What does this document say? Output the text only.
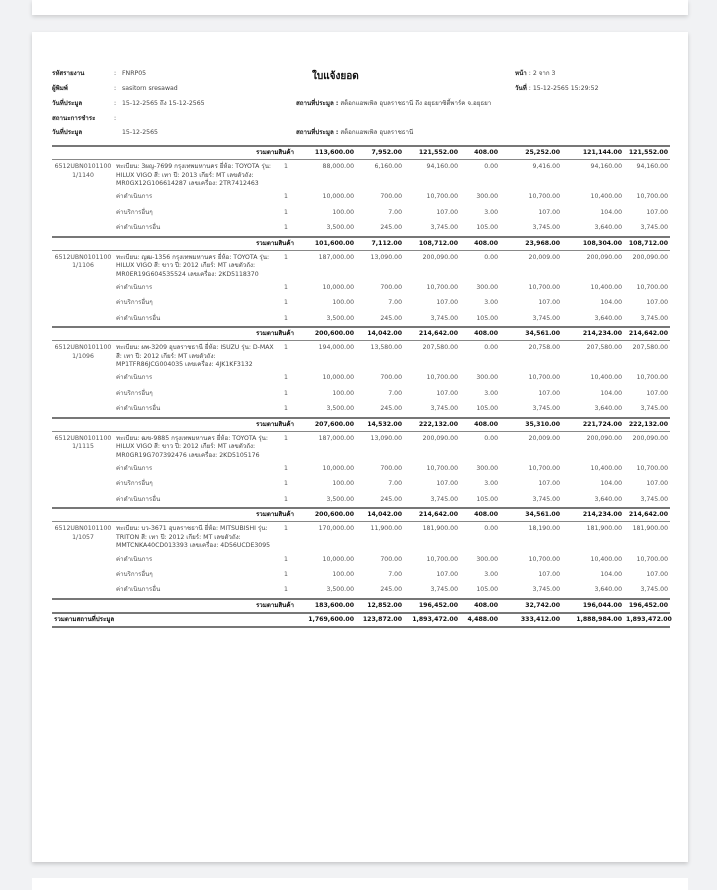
รหัสรายงาน	: FNRP05
ผู้พิมพ์	: sasitorn sresawad
วันที่ประมูล	: 15-12-2565 ถึง 15-12-2565
สถานะการชำระ	:
วันที่ประมูล	15-12-2565
ใบแจ้งยอด	หน้า : 2 จาก 3
วันที่ : 15-12-2565 15:29:52
สถานที่ประมูล : สต็อกแอพเพิล อุบลราชธานี ถึง อยุธยาซิตี้พาร์ค จ.อยุธยา
สถานที่ประมูล : สต็อกแอพเพิล อุบลราชธานี
รวมตามสินค้า			113,600.00	7,952.00	121,552.00	408.00	25,252.00	121,144.00	121,552.00
6512UBN0101100 1/1140	ทะเบียน: 3ผญ-7699 กรุงเทพมหานคร ยี่ห้อ: TOYOTA รุ่น: HILUX VIGO สี: เทา ปี: 2013 เกียร์: MT เลขตัวถัง: MR0GX12G106614287 เลขเครื่อง: 2TR7412463	1	88,000.00	6,160.00	94,160.00	0.00	9,416.00	94,160.00	94,160.00
	ค่าดำเนินการ	1	10,000.00	700.00	10,700.00	300.00	10,700.00	10,400.00	10,700.00
	ค่าบริการอื่นๆ	1	100.00	7.00	107.00	3.00	107.00	104.00	107.00
	ค่าดำเนินการอื่น	1	3,500.00	245.00	3,745.00	105.00	3,745.00	3,640.00	3,745.00
รวมตามสินค้า			101,600.00	7,112.00	108,712.00	408.00	23,968.00	108,304.00	108,712.00
6512UBN0101100 1/1106	ทะเบียน: ญฒ-1356 กรุงเทพมหานคร ยี่ห้อ: TOYOTA รุ่น: HILUX VIGO สี: ขาว ปี: 2012 เกียร์: MT เลขตัวถัง: MR0ER19G604535524 เลขเครื่อง: 2KD5118370	1	187,000.00	13,090.00	200,090.00	0.00	20,009.00	200,090.00	200,090.00
	ค่าดำเนินการ	1	10,000.00	700.00	10,700.00	300.00	10,700.00	10,400.00	10,700.00
	ค่าบริการอื่นๆ	1	100.00	7.00	107.00	3.00	107.00	104.00	107.00
	ค่าดำเนินการอื่น	1	3,500.00	245.00	3,745.00	105.00	3,745.00	3,640.00	3,745.00
รวมตามสินค้า			200,600.00	14,042.00	214,642.00	408.00	34,561.00	214,234.00	214,642.00
6512UBN0101100 1/1096	ทะเบียน: ผพ-3209 อุบลราชธานี ยี่ห้อ: ISUZU รุ่น: D-MAX สี: เทา ปี: 2012 เกียร์: MT เลขตัวถัง: MP1TFR86JCG004035 เลขเครื่อง: 4JK1KF3132	1	194,000.00	13,580.00	207,580.00	0.00	20,758.00	207,580.00	207,580.00
	ค่าดำเนินการ	1	10,000.00	700.00	10,700.00	300.00	10,700.00	10,400.00	10,700.00
	ค่าบริการอื่นๆ	1	100.00	7.00	107.00	3.00	107.00	104.00	107.00
	ค่าดำเนินการอื่น	1	3,500.00	245.00	3,745.00	105.00	3,745.00	3,640.00	3,745.00
รวมตามสินค้า			207,600.00	14,532.00	222,132.00	408.00	35,310.00	221,724.00	222,132.00
6512UBN0101100 1/1115	ทะเบียน: ฒข-9885 กรุงเทพมหานคร ยี่ห้อ: TOYOTA รุ่น: HILUX VIGO สี: ขาว ปี: 2012 เกียร์: MT เลขตัวถัง: MR0GR19G707392476 เลขเครื่อง: 2KD5105176	1	187,000.00	13,090.00	200,090.00	0.00	20,009.00	200,090.00	200,090.00
	ค่าดำเนินการ	1	10,000.00	700.00	10,700.00	300.00	10,700.00	10,400.00	10,700.00
	ค่าบริการอื่นๆ	1	100.00	7.00	107.00	3.00	107.00	104.00	107.00
	ค่าดำเนินการอื่น	1	3,500.00	245.00	3,745.00	105.00	3,745.00	3,640.00	3,745.00
รวมตามสินค้า			200,600.00	14,042.00	214,642.00	408.00	34,561.00	214,234.00	214,642.00
6512UBN0101100 1/1057	ทะเบียน: บว-3671 อุบลราชธานี ยี่ห้อ: MITSUBISHI รุ่น: TRITON สี: เทา ปี: 2012 เกียร์: MT เลขตัวถัง: MMTCNKA40CD013393 เลขเครื่อง: 4D56UCDE3095	1	170,000.00	11,900.00	181,900.00	0.00	18,190.00	181,900.00	181,900.00
	ค่าดำเนินการ	1	10,000.00	700.00	10,700.00	300.00	10,700.00	10,400.00	10,700.00
	ค่าบริการอื่นๆ	1	100.00	7.00	107.00	3.00	107.00	104.00	107.00
	ค่าดำเนินการอื่น	1	3,500.00	245.00	3,745.00	105.00	3,745.00	3,640.00	3,745.00
รวมตามสินค้า			183,600.00	12,852.00	196,452.00	408.00	32,742.00	196,044.00	196,452.00
รวมตามสถานที่ประมูล			1,769,600.00	123,872.00	1,893,472.00	4,488.00	333,412.00	1,888,984.00	1,893,472.00
